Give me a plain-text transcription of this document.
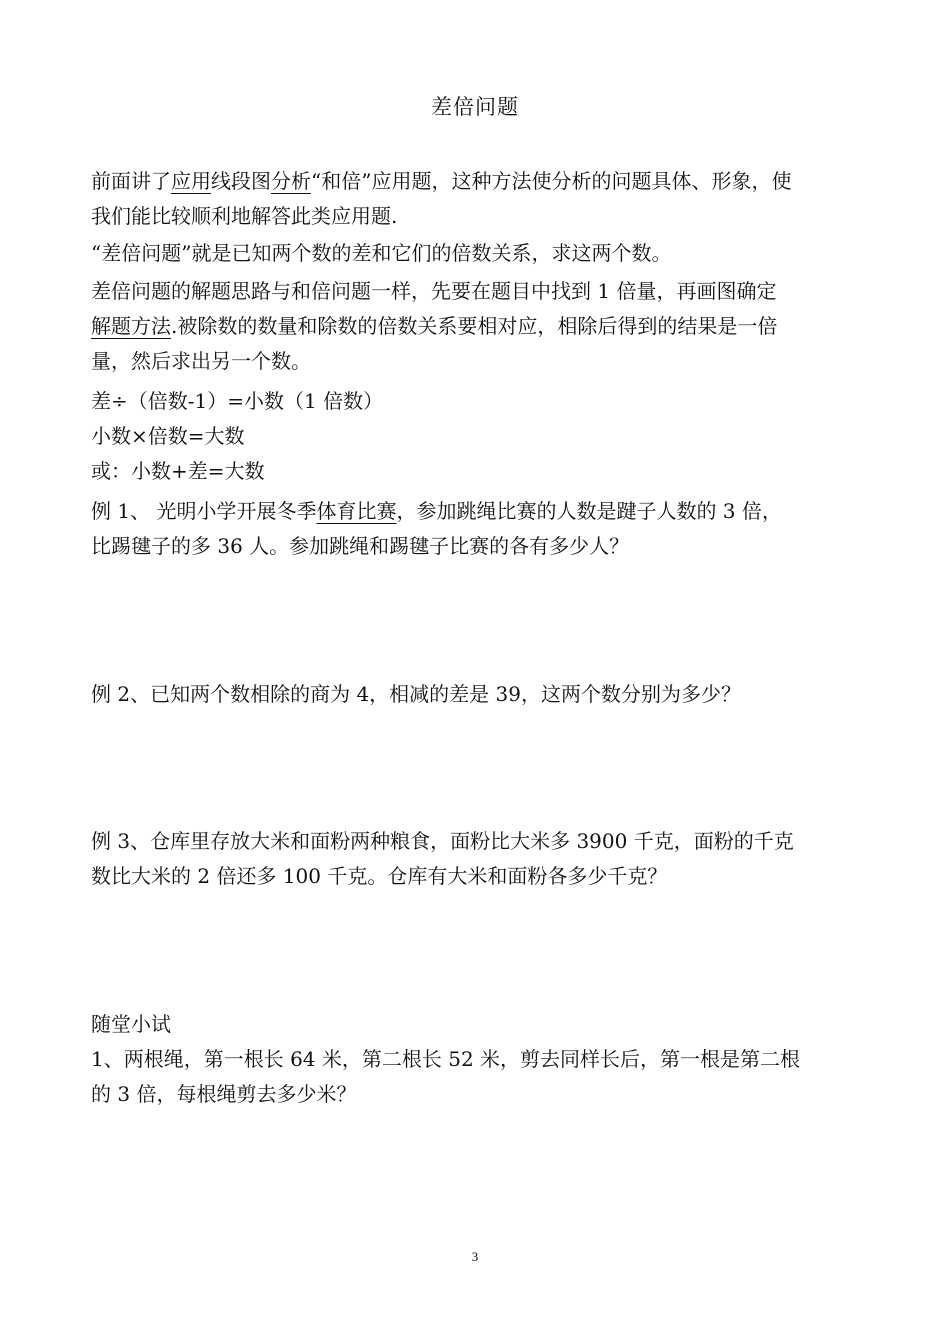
差倍问题
前面讲了应用线段图分析“和倍”应用题，这种方法使分析的问题具体、形象，使
我们能比较顺利地解答此类应用题.
“差倍问题”就是已知两个数的差和它们的倍数关系，求这两个数。
差倍问题的解题思路与和倍问题一样，先要在题目中找到 1 倍量，再画图确定
解题方法.被除数的数量和除数的倍数关系要相对应，相除后得到的结果是一倍
量，然后求出另一个数。
差÷（倍数-1）=小数（1 倍数）
小数×倍数=大数
或：小数+差=大数
例 1、 光明小学开展冬季体育比赛，参加跳绳比赛的人数是踺子人数的 3 倍，
比踢毽子的多 36 人。参加跳绳和踢毽子比赛的各有多少人？
例 2、已知两个数相除的商为 4，相减的差是 39，这两个数分别为多少？
例 3、仓库里存放大米和面粉两种粮食，面粉比大米多 3900 千克，面粉的千克
数比大米的 2 倍还多 100 千克。仓库有大米和面粉各多少千克？
随堂小试
1、两根绳，第一根长 64 米，第二根长 52 米，剪去同样长后，第一根是第二根
的 3 倍，每根绳剪去多少米？
3
